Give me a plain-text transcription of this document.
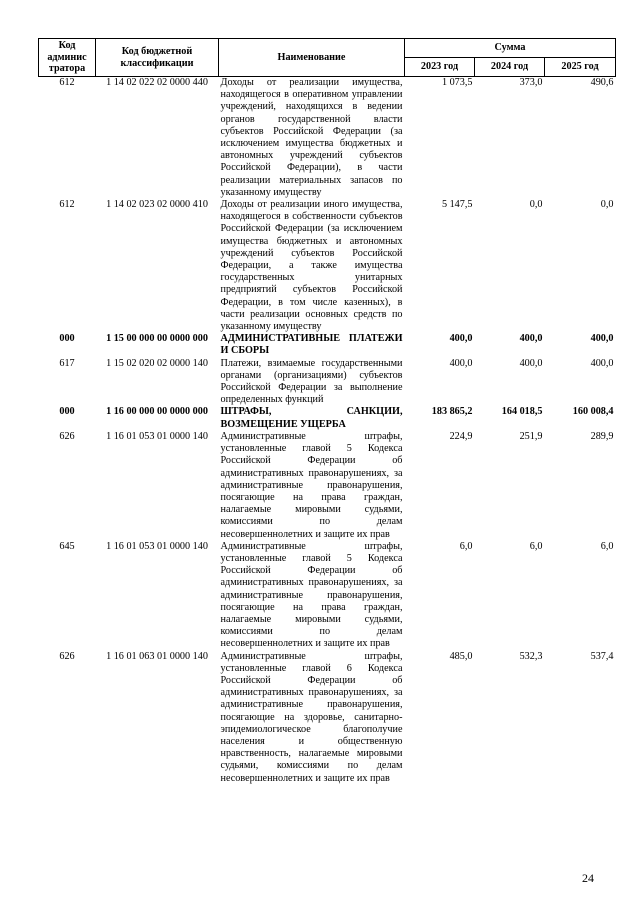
Код админис тратора	Код бюджетной классификации	Наименование	Сумма		
			2023 год	2024 год	2025 год
612	1 14 02 022 02 0000 440	Доходы от реализации имущества, находящегося в оперативном управлении учреждений, находящихся в ведении органов государственной власти субъектов Российской Федерации (за исключением имущества бюджетных и автономных учреждений субъектов Российской Федерации), в части реализации материальных запасов по указанному имуществу	1 073,5	373,0	490,6
612	1 14 02 023 02 0000 410	Доходы от реализации иного имущества, находящегося в собственности субъектов Российской Федерации (за исключением имущества бюджетных и автономных учреждений субъектов Российской Федерации, а также имущества государственных унитарных предприятий субъектов Российской Федерации, в том числе казенных), в части реализации основных средств по указанному имуществу	5 147,5	0,0	0,0
000	1 15 00 000 00 0000 000	АДМИНИСТРАТИВНЫЕ ПЛАТЕЖИ И СБОРЫ	400,0	400,0	400,0
617	1 15 02 020 02 0000 140	Платежи, взимаемые государственными органами (организациями) субъектов Российской Федерации за выполнение определенных функций	400,0	400,0	400,0
000	1 16 00 000 00 0000 000	ШТРАФЫ, САНКЦИИ, ВОЗМЕЩЕНИЕ УЩЕРБА	183 865,2	164 018,5	160 008,4
626	1 16 01 053 01 0000 140	Административные штрафы, установленные главой 5 Кодекса Российской Федерации об административных правонарушениях, за административные правонарушения, посягающие на права граждан, налагаемые мировыми судьями, комиссиями по делам несовершеннолетних и защите их прав	224,9	251,9	289,9
645	1 16 01 053 01 0000 140	Административные штрафы, установленные главой 5 Кодекса Российской Федерации об административных правонарушениях, за административные правонарушения, посягающие на права граждан, налагаемые мировыми судьями, комиссиями по делам несовершеннолетних и защите их прав	6,0	6,0	6,0
626	1 16 01 063 01 0000 140	Административные штрафы, установленные главой 6 Кодекса Российской Федерации об административных правонарушениях, за административные правонарушения, посягающие на здоровье, санитарно-эпидемиологическое благополучие населения и общественную нравственность, налагаемые мировыми судьями, комиссиями по делам несовершеннолетних и защите их прав	485,0	532,3	537,4
24
